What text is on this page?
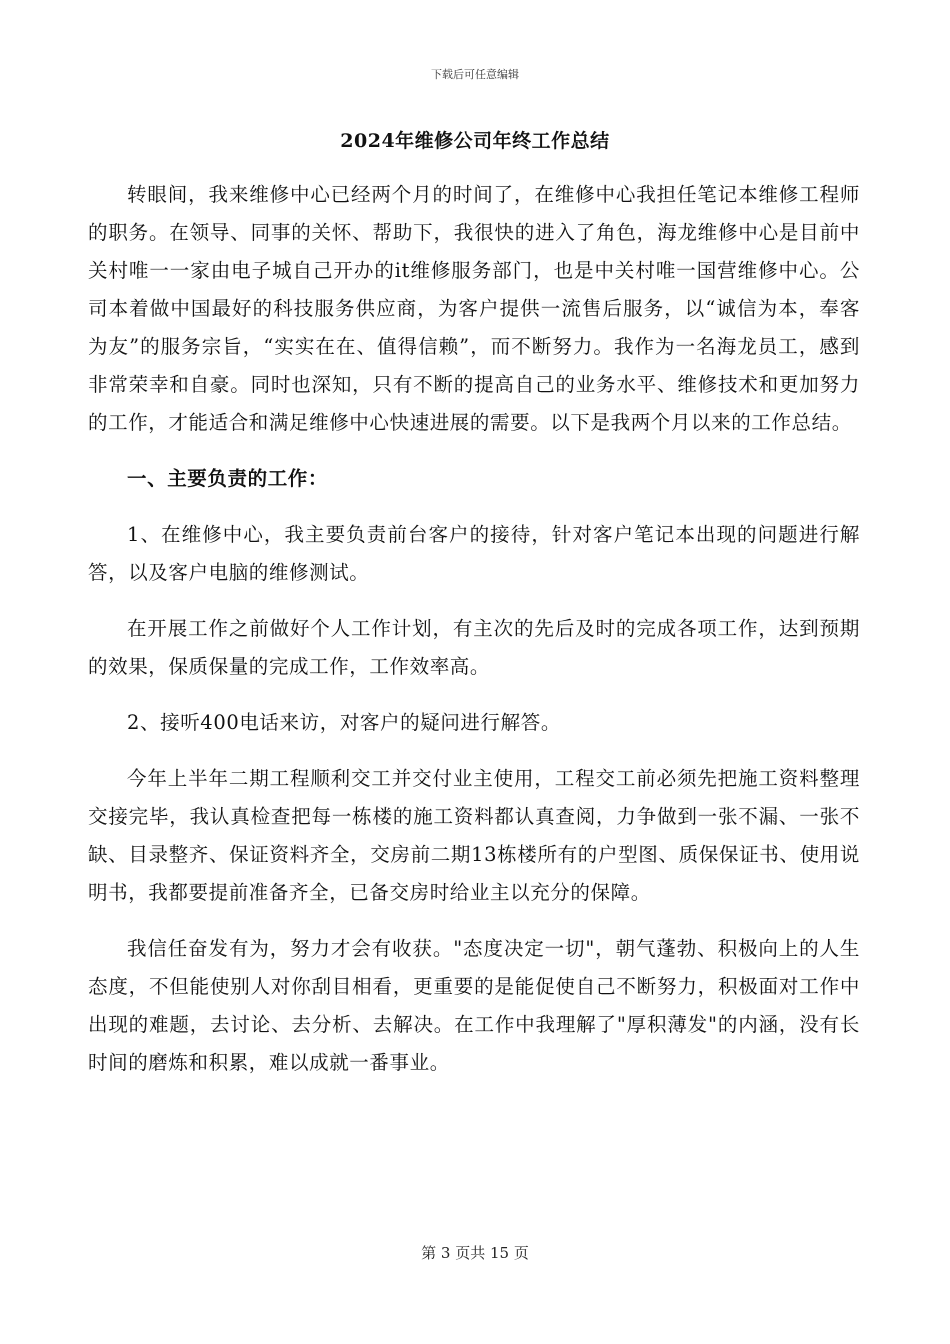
下载后可任意编辑
2024年维修公司年终工作总结

转眼间，我来维修中心已经两个月的时间了，在维修中心我担任笔记本维修工程师的职务。在领导、同事的关怀、帮助下，我很快的进入了角色，海龙维修中心是目前中关村唯一一家由电子城自己开办的it维修服务部门，也是中关村唯一国营维修中心。公司本着做中国最好的科技服务供应商，为客户提供一流售后服务，以“诚信为本，奉客为友”的服务宗旨，“实实在在、值得信赖”，而不断努力。我作为一名海龙员工，感到非常荣幸和自豪。同时也深知，只有不断的提高自己的业务水平、维修技术和更加努力的工作，才能适合和满足维修中心快速进展的需要。以下是我两个月以来的工作总结。

一、主要负责的工作：

1、在维修中心，我主要负责前台客户的接待，针对客户笔记本出现的问题进行解答，以及客户电脑的维修测试。

在开展工作之前做好个人工作计划，有主次的先后及时的完成各项工作，达到预期的效果，保质保量的完成工作，工作效率高。

2、接听400电话来访，对客户的疑问进行解答。

今年上半年二期工程顺利交工并交付业主使用，工程交工前必须先把施工资料整理交接完毕，我认真检查把每一栋楼的施工资料都认真查阅，力争做到一张不漏、一张不缺、目录整齐、保证资料齐全，交房前二期13栋楼所有的户型图、质保保证书、使用说明书，我都要提前准备齐全，已备交房时给业主以充分的保障。

我信任奋发有为，努力才会有收获。"态度决定一切"，朝气蓬勃、积极向上的人生态度，不但能使别人对你刮目相看，更重要的是能促使自己不断努力，积极面对工作中出现的难题，去讨论、去分析、去解决。在工作中我理解了"厚积薄发"的内涵，没有长时间的磨炼和积累，难以成就一番事业。

第 3 页共 15 页
